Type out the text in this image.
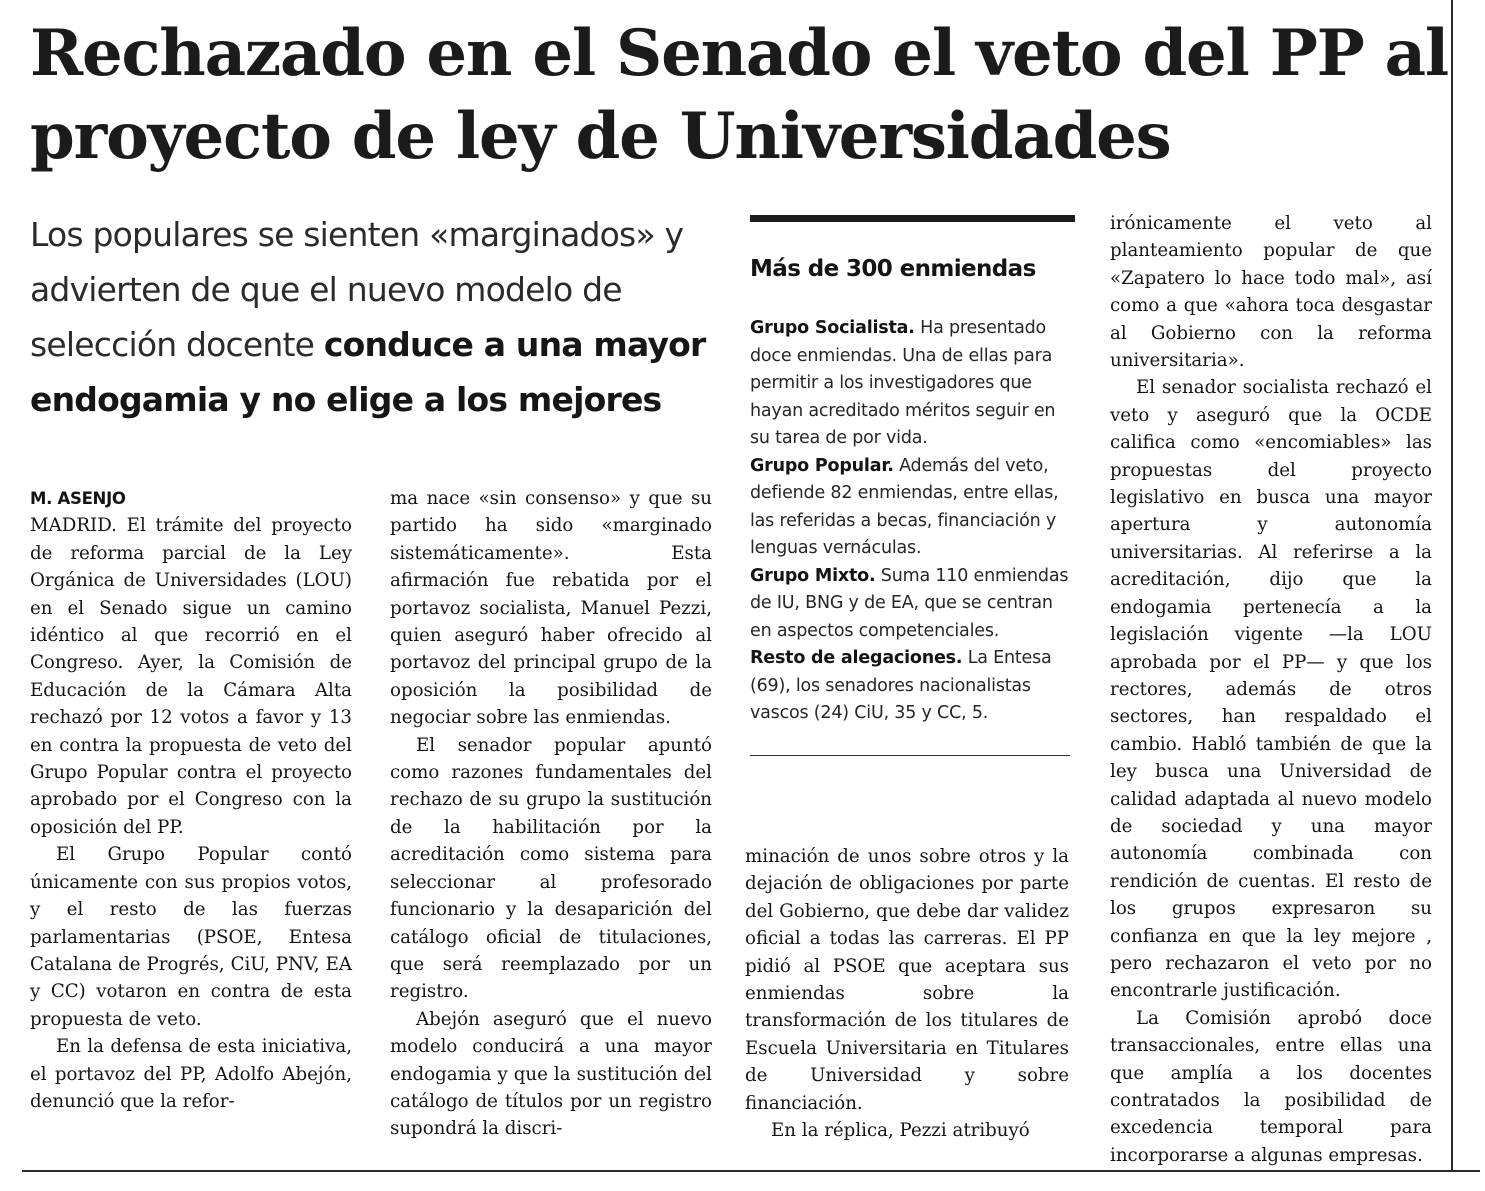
Rechazado en el Senado el veto del PP al proyecto de ley de Universidades

Los populares se sienten «marginados» y advierten de que el nuevo modelo de selección docente conduce a una mayor endogamia y no elige a los mejores

M. ASENJO

MADRID. El trámite del proyecto de reforma parcial de la Ley Orgánica de Universidades (LOU) en el Senado sigue un camino idéntico al que recorrió en el Congreso. Ayer, la Comisión de Educación de la Cámara Alta rechazó por 12 votos a favor y 13 en contra la propuesta de veto del Grupo Popular contra el proyecto aprobado por el Congreso con la oposición del PP.

El Grupo Popular contó únicamente con sus propios votos, y el resto de las fuerzas parlamentarias (PSOE, Entesa Catalana de Progrés, CiU, PNV, EA y CC) votaron en contra de esta propuesta de veto.

En la defensa de esta iniciativa, el portavoz del PP, Adolfo Abejón, denunció que la refor-

ma nace «sin consenso» y que su partido ha sido «marginado sistemáticamente». Esta afirmación fue rebatida por el portavoz socialista, Manuel Pezzi, quien aseguró haber ofrecido al portavoz del principal grupo de la oposición la posibilidad de negociar sobre las enmiendas.

El senador popular apuntó como razones fundamentales del rechazo de su grupo la sustitución de la habilitación por la acreditación como sistema para seleccionar al profesorado funcionario y la desaparición del catálogo oficial de titulaciones, que será reemplazado por un registro.

Abejón aseguró que el nuevo modelo conducirá a una mayor endogamia y que la sustitución del catálogo de títulos por un registro supondrá la discri-

Más de 300 enmiendas

Grupo Socialista. Ha presentado doce enmiendas. Una de ellas para permitir a los investigadores que hayan acreditado méritos seguir en su tarea de por vida.

Grupo Popular. Además del veto, defiende 82 enmiendas, entre ellas, las referidas a becas, financiación y lenguas vernáculas.

Grupo Mixto. Suma 110 enmiendas de IU, BNG y de EA, que se centran en aspectos competenciales.

Resto de alegaciones. La Entesa (69), los senadores nacionalistas vascos (24) CiU, 35 y CC, 5.

minación de unos sobre otros y la dejación de obligaciones por parte del Gobierno, que debe dar validez oficial a todas las carreras. El PP pidió al PSOE que aceptara sus enmiendas sobre la transformación de los titulares de Escuela Universitaria en Titulares de Universidad y sobre financiación.

En la réplica, Pezzi atribuyó

irónicamente el veto al planteamiento popular de que «Zapatero lo hace todo mal», así como a que «ahora toca desgastar al Gobierno con la reforma universitaria».

El senador socialista rechazó el veto y aseguró que la OCDE califica como «encomiables» las propuestas del proyecto legislativo en busca una mayor apertura y autonomía universitarias. Al referirse a la acreditación, dijo que la endogamia pertenecía a la legislación vigente —la LOU aprobada por el PP— y que los rectores, además de otros sectores, han respaldado el cambio. Habló también de que la ley busca una Universidad de calidad adaptada al nuevo modelo de sociedad y una mayor autonomía combinada con rendición de cuentas. El resto de los grupos expresaron su confianza en que la ley mejore , pero rechazaron el veto por no encontrarle justificación.

La Comisión aprobó doce transaccionales, entre ellas una que amplía a los docentes contratados la posibilidad de excedencia temporal para incorporarse a algunas empresas.
